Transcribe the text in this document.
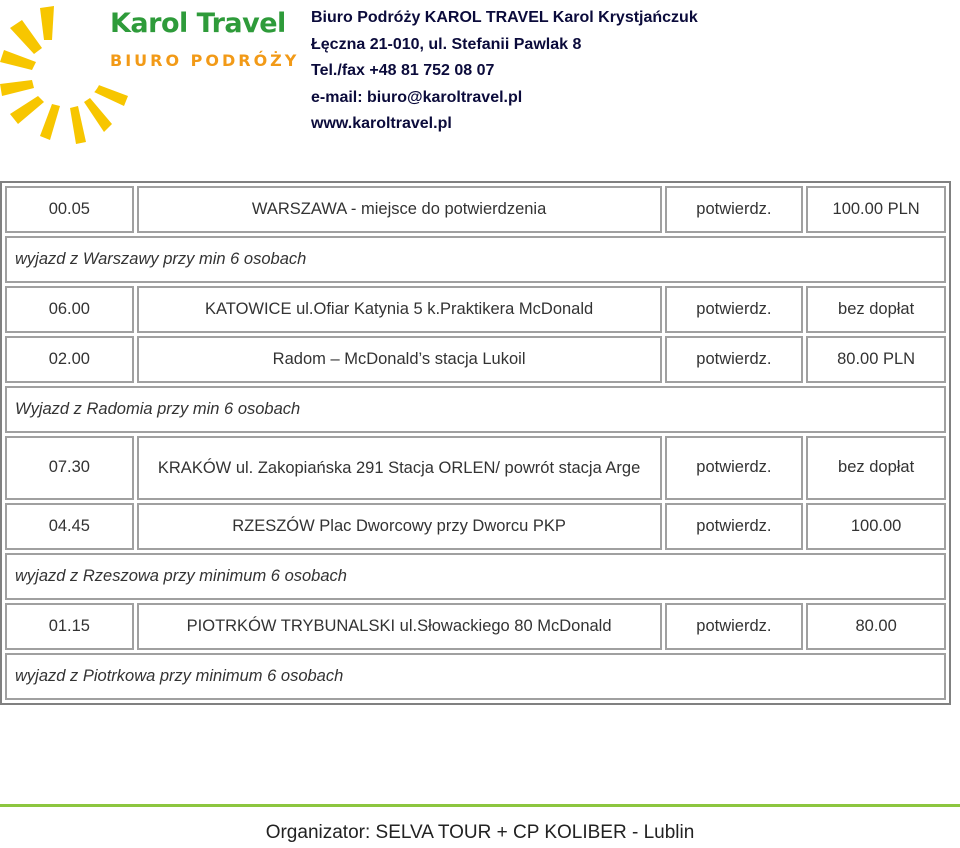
Karol Travel

BIURO PODRÓŻY

Biuro Podróży KAROL TRAVEL Karol Krystjańczuk
Łęczna 21-010, ul. Stefanii Pawlak 8
Tel./fax +48 81 752 08 07
e-mail: biuro@karoltravel.pl
www.karoltravel.pl
00.05	WARSZAWA - miejsce do potwierdzenia	potwierdz.	100.00 PLN
wyjazd z Warszawy przy min 6 osobach			
06.00	KATOWICE ul.Ofiar Katynia 5 k.Praktikera McDonald	potwierdz.	bez dopłat
02.00	Radom – McDonald’s stacja Lukoil	potwierdz.	80.00 PLN
Wyjazd z Radomia przy min 6 osobach			
07.30	KRAKÓW ul. Zakopiańska 291 Stacja ORLEN/ powrót stacja Arge	potwierdz.	bez dopłat
04.45	RZESZÓW Plac Dworcowy przy Dworcu PKP	potwierdz.	100.00
wyjazd z Rzeszowa przy minimum 6 osobach			
01.15	PIOTRKÓW TRYBUNALSKI ul.Słowackiego 80 McDonald	potwierdz.	80.00
wyjazd z Piotrkowa przy minimum 6 osobach			
Organizator: SELVA TOUR + CP KOLIBER - Lublin
